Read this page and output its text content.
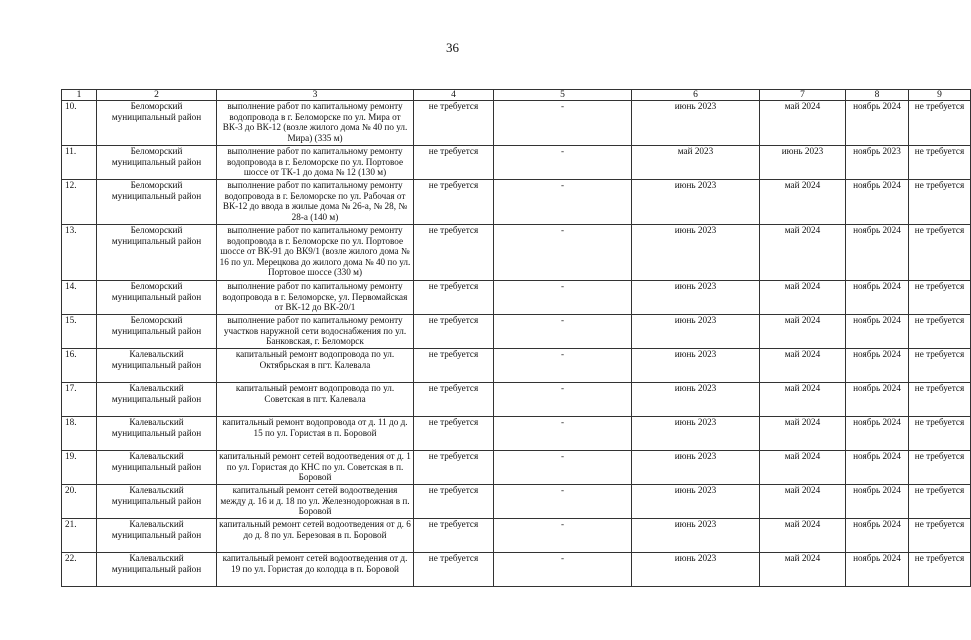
36
1	2	3	4	5	6	7	8	9
10.	Беломорский муниципальный район	выполнение работ по капитальному ремонту водопровода в г. Беломорске по ул. Мира от ВК-3 до ВК-12 (возле жилого дома № 40 по ул. Мира) (335 м)	не требуется	-	июнь 2023	май 2024	ноябрь 2024	не требуется
11.	Беломорский муниципальный район	выполнение работ по капитальному ремонту водопровода в г. Беломорске по ул. Портовое шоссе от ТК-1 до дома № 12 (130 м)	не требуется	-	май 2023	июнь 2023	ноябрь 2023	не требуется
12.	Беломорский муниципальный район	выполнение работ по капитальному ремонту водопровода в г. Беломорске по ул. Рабочая от ВК-12 до ввода в жилые дома № 26-а, № 28, № 28-а (140 м)	не требуется	-	июнь 2023	май 2024	ноябрь 2024	не требуется
13.	Беломорский муниципальный район	выполнение работ по капитальному ремонту водопровода в г. Беломорске по ул. Портовое шоссе от ВК-91 до ВК9/1 (возле жилого дома № 16 по ул. Мерецкова до жилого дома № 40 по ул. Портовое шоссе (330 м)	не требуется	-	июнь 2023	май 2024	ноябрь 2024	не требуется
14.	Беломорский муниципальный район	выполнение работ по капитальному ремонту водопровода в г. Беломорске, ул. Первомайская от ВК-12 до ВК-20/1	не требуется	-	июнь 2023	май 2024	ноябрь 2024	не требуется
15.	Беломорский муниципальный район	выполнение работ по капитальному ремонту участков наружной сети водоснабжения по ул. Банковская, г. Беломорск	не требуется	-	июнь 2023	май 2024	ноябрь 2024	не требуется
16.	Калевальский муниципальный район	капитальный ремонт водопровода по ул. Октябрьская в пгт. Калевала	не требуется	-	июнь 2023	май 2024	ноябрь 2024	не требуется
17.	Калевальский муниципальный район	капитальный ремонт водопровода по ул. Советская в пгт. Калевала	не требуется	-	июнь 2023	май 2024	ноябрь 2024	не требуется
18.	Калевальский муниципальный район	капитальный ремонт водопровода от д. 11 до д. 15 по ул. Гористая в п. Боровой	не требуется	-	июнь 2023	май 2024	ноябрь 2024	не требуется
19.	Калевальский муниципальный район	капитальный ремонт сетей водоотведения от д. 1 по ул. Гористая до КНС по ул. Советская в п. Боровой	не требуется	-	июнь 2023	май 2024	ноябрь 2024	не требуется
20.	Калевальский муниципальный район	капитальный ремонт сетей водоотведения между д. 16 и д. 18 по ул. Железнодорожная в п. Боровой	не требуется	-	июнь 2023	май 2024	ноябрь 2024	не требуется
21.	Калевальский муниципальный район	капитальный ремонт сетей водоотведения от д. 6 до д. 8 по ул. Березовая в п. Боровой	не требуется	-	июнь 2023	май 2024	ноябрь 2024	не требуется
22.	Калевальский муниципальный район	капитальный ремонт сетей водоотведения от д. 19 по ул. Гористая до колодца в п. Боровой	не требуется	-	июнь 2023	май 2024	ноябрь 2024	не требуется
